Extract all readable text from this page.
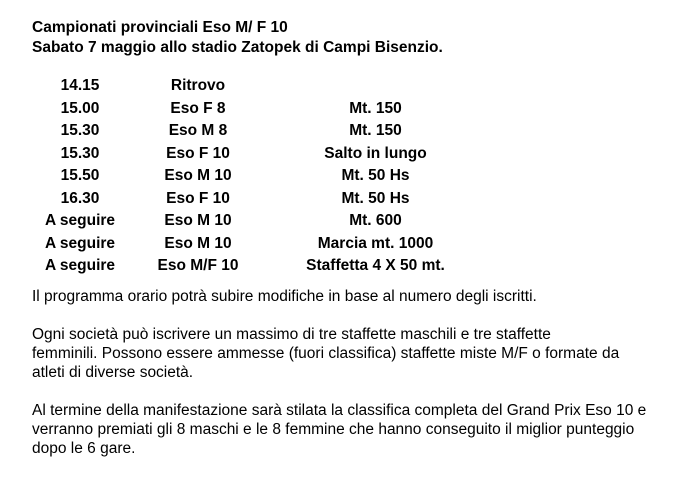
Campionati provinciali Eso M/ F 10

Sabato 7 maggio allo stadio Zatopek di Campi Bisenzio.

14.15	Ritrovo	
15.00	Eso F 8	Mt. 150
15.30	Eso M 8	Mt. 150
15.30	Eso F 10	Salto in lungo
15.50	Eso M 10	Mt. 50 Hs
16.30	Eso F 10	Mt. 50 Hs
A seguire	Eso M 10	Mt. 600
A seguire	Eso M 10	Marcia mt. 1000
A seguire	Eso M/F 10	Staffetta 4 X 50 mt.

Il programma orario potrà subire modifiche in base al numero degli iscritti.

Ogni società può iscrivere un massimo di tre staffette maschili e tre staffette
femminili. Possono essere ammesse (fuori classifica) staffette miste M/F o formate da
atleti di diverse società.
Al termine della manifestazione sarà stilata la classifica completa del Grand Prix Eso 10 e
verranno premiati gli 8 maschi e le 8 femmine che hanno conseguito il miglior punteggio
dopo le 6 gare.
